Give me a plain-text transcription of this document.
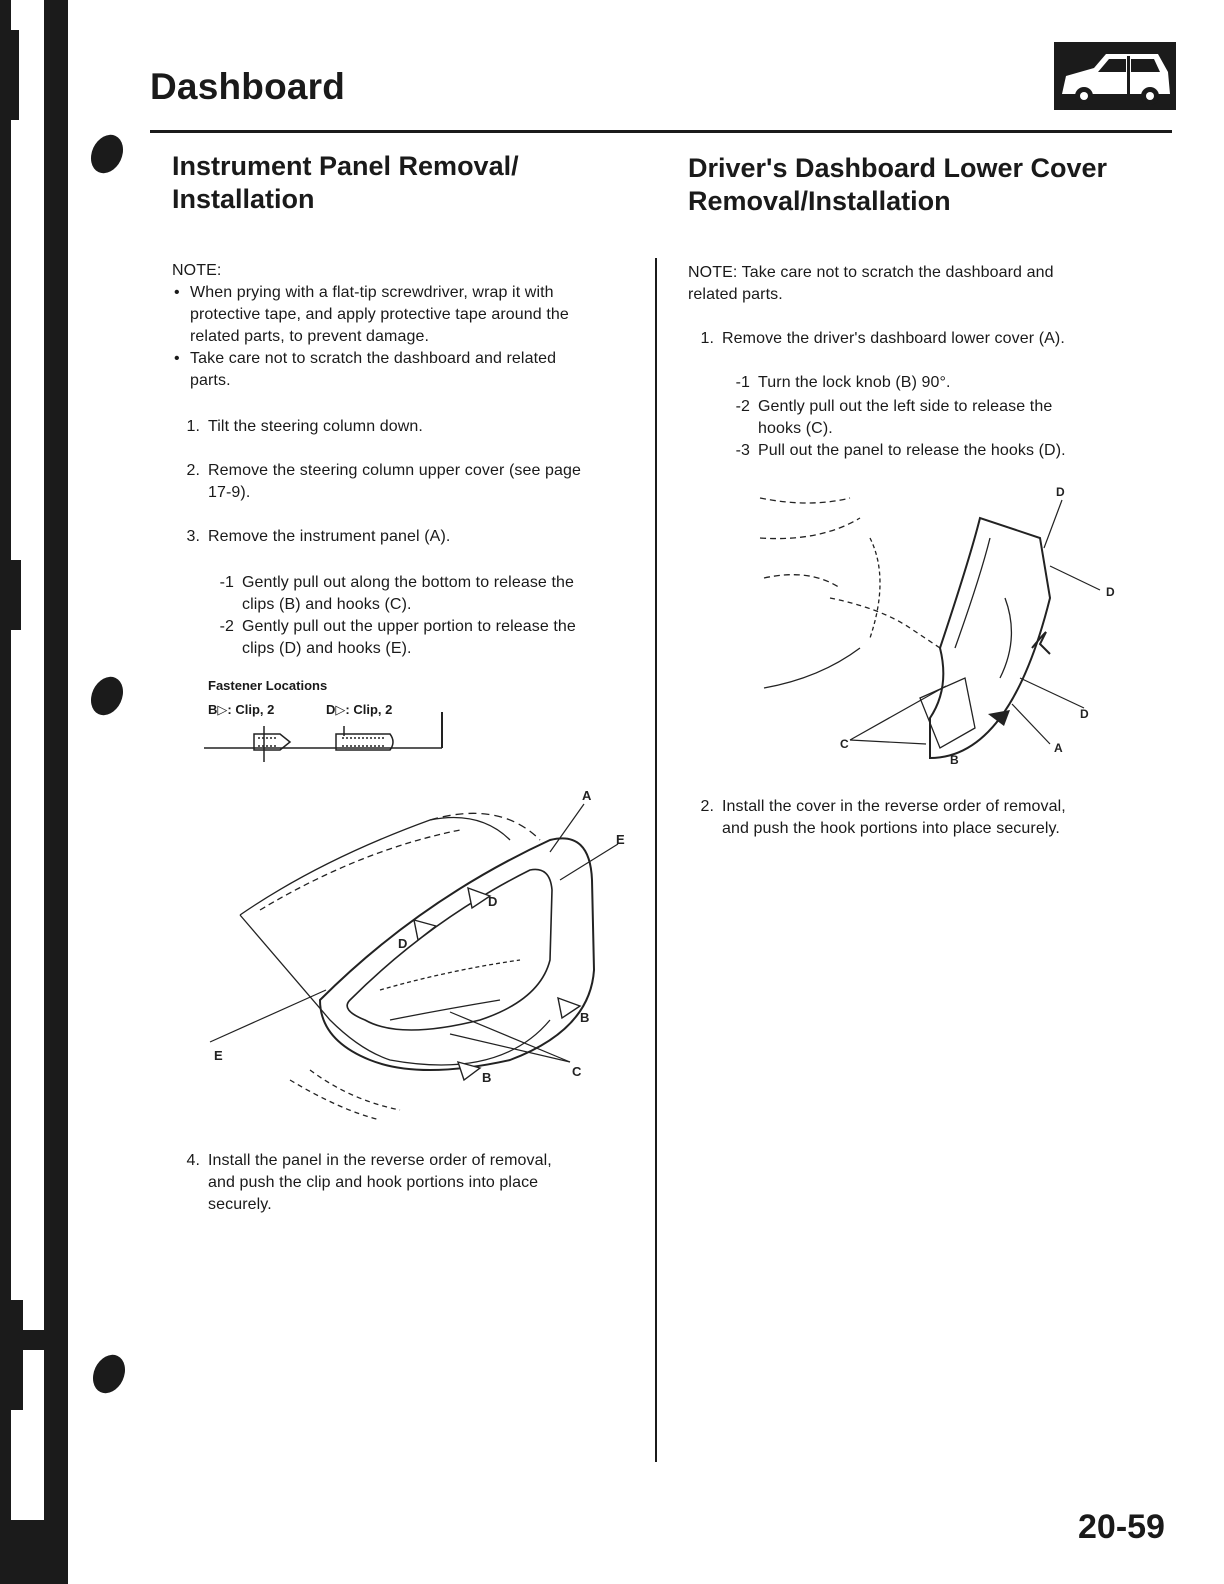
Dashboard
Instrument Panel Removal/
Installation
NOTE:
• When prying with a flat-tip screwdriver, wrap it with
protective tape, and apply protective tape around the
related parts, to prevent damage.
• Take care not to scratch the dashboard and related
parts.
1. Tilt the steering column down.
2. Remove the steering column upper cover (see page
17-9).
3. Remove the instrument panel (A).
-1 Gently pull out along the bottom to release the
clips (B) and hooks (C).
-2 Gently pull out the upper portion to release the
clips (D) and hooks (E).
Fastener Locations
B▷: Clip, 2	D▷: Clip, 2
A
E
E
D
D
B
B	C
4. Install the panel in the reverse order of removal,
and push the clip and hook portions into place
securely.
Driver's Dashboard Lower Cover
Removal/Installation
NOTE: Take care not to scratch the dashboard and
related parts.
1. Remove the driver's dashboard lower cover (A).
-1 Turn the lock knob (B) 90°.
-2 Gently pull out the left side to release the
hooks (C).
-3 Pull out the panel to release the hooks (D).
D
D
D
A
B
C
2. Install the cover in the reverse order of removal,
and push the hook portions into place securely.
20-59
